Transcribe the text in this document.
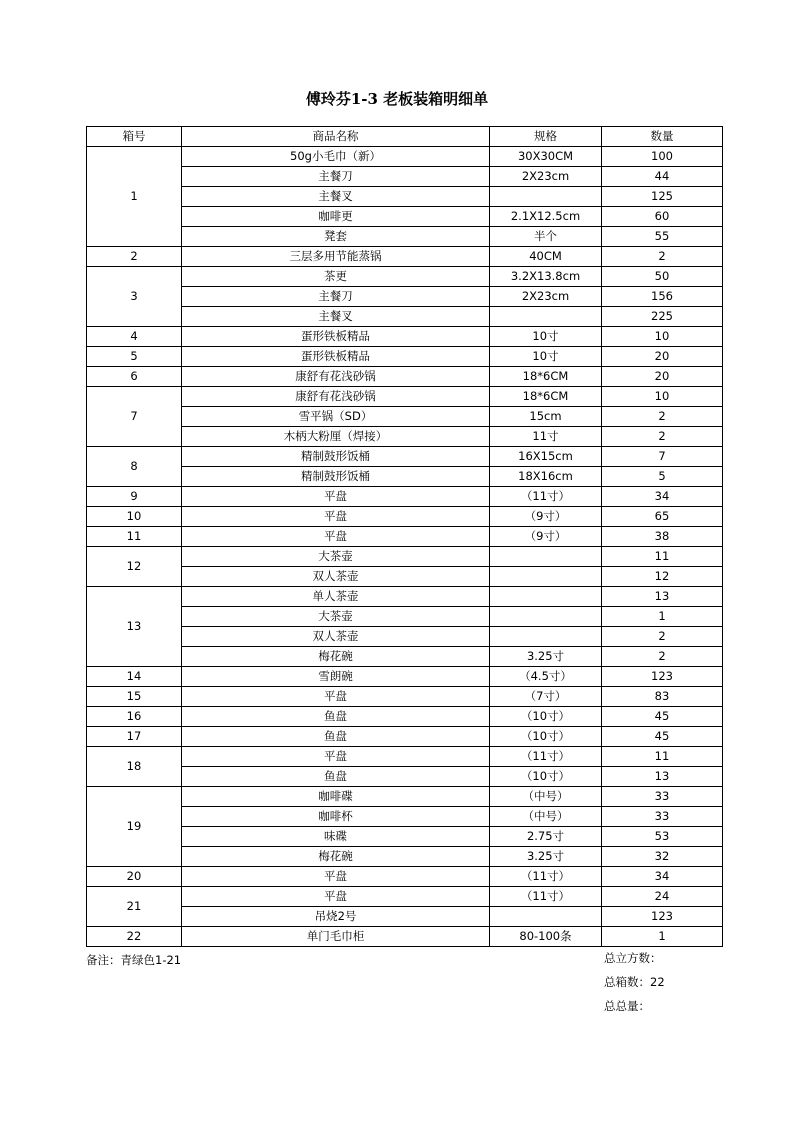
傅玲芬1-3 老板装箱明细单
箱号	商品名称	规格	数量
1	50g小毛巾（新）	30X30CM	100
	主餐刀	2X23cm	44
	主餐叉		125
	咖啡更	2.1X12.5cm	60
	凳套	半个	55
2	三层多用节能蒸锅	40CM	2
3	茶更	3.2X13.8cm	50
	主餐刀	2X23cm	156
	主餐叉		225
4	蛋形铁板精品	10寸	10
5	蛋形铁板精品	10寸	20
6	康舒有花浅砂锅	18*6CM	20
7	康舒有花浅砂锅	18*6CM	10
	雪平锅（SD）	15cm	2
	木柄大粉厘（焊接）	11寸	2
8	精制鼓形饭桶	16X15cm	7
	精制鼓形饭桶	18X16cm	5
9	平盘	（11寸）	34
10	平盘	（9寸）	65
11	平盘	（9寸）	38
12	大茶壶		11
	双人茶壶		12
13	单人茶壶		13
	大茶壶		1
	双人茶壶		2
	梅花碗	3.25寸	2
14	雪朗碗	（4.5寸）	123
15	平盘	（7寸）	83
16	鱼盘	（10寸）	45
17	鱼盘	（10寸）	45
18	平盘	（11寸）	11
	鱼盘	（10寸）	13
19	咖啡碟	（中号）	33
	咖啡杯	（中号）	33
	味碟	2.75寸	53
	梅花碗	3.25寸	32
20	平盘	（11寸）	34
21	平盘	（11寸）	24
	吊烧2号		123
22	单门毛巾柜	80-100条	1
备注：青绿色1-21	总立方数：
总箱数：22
总总量：
